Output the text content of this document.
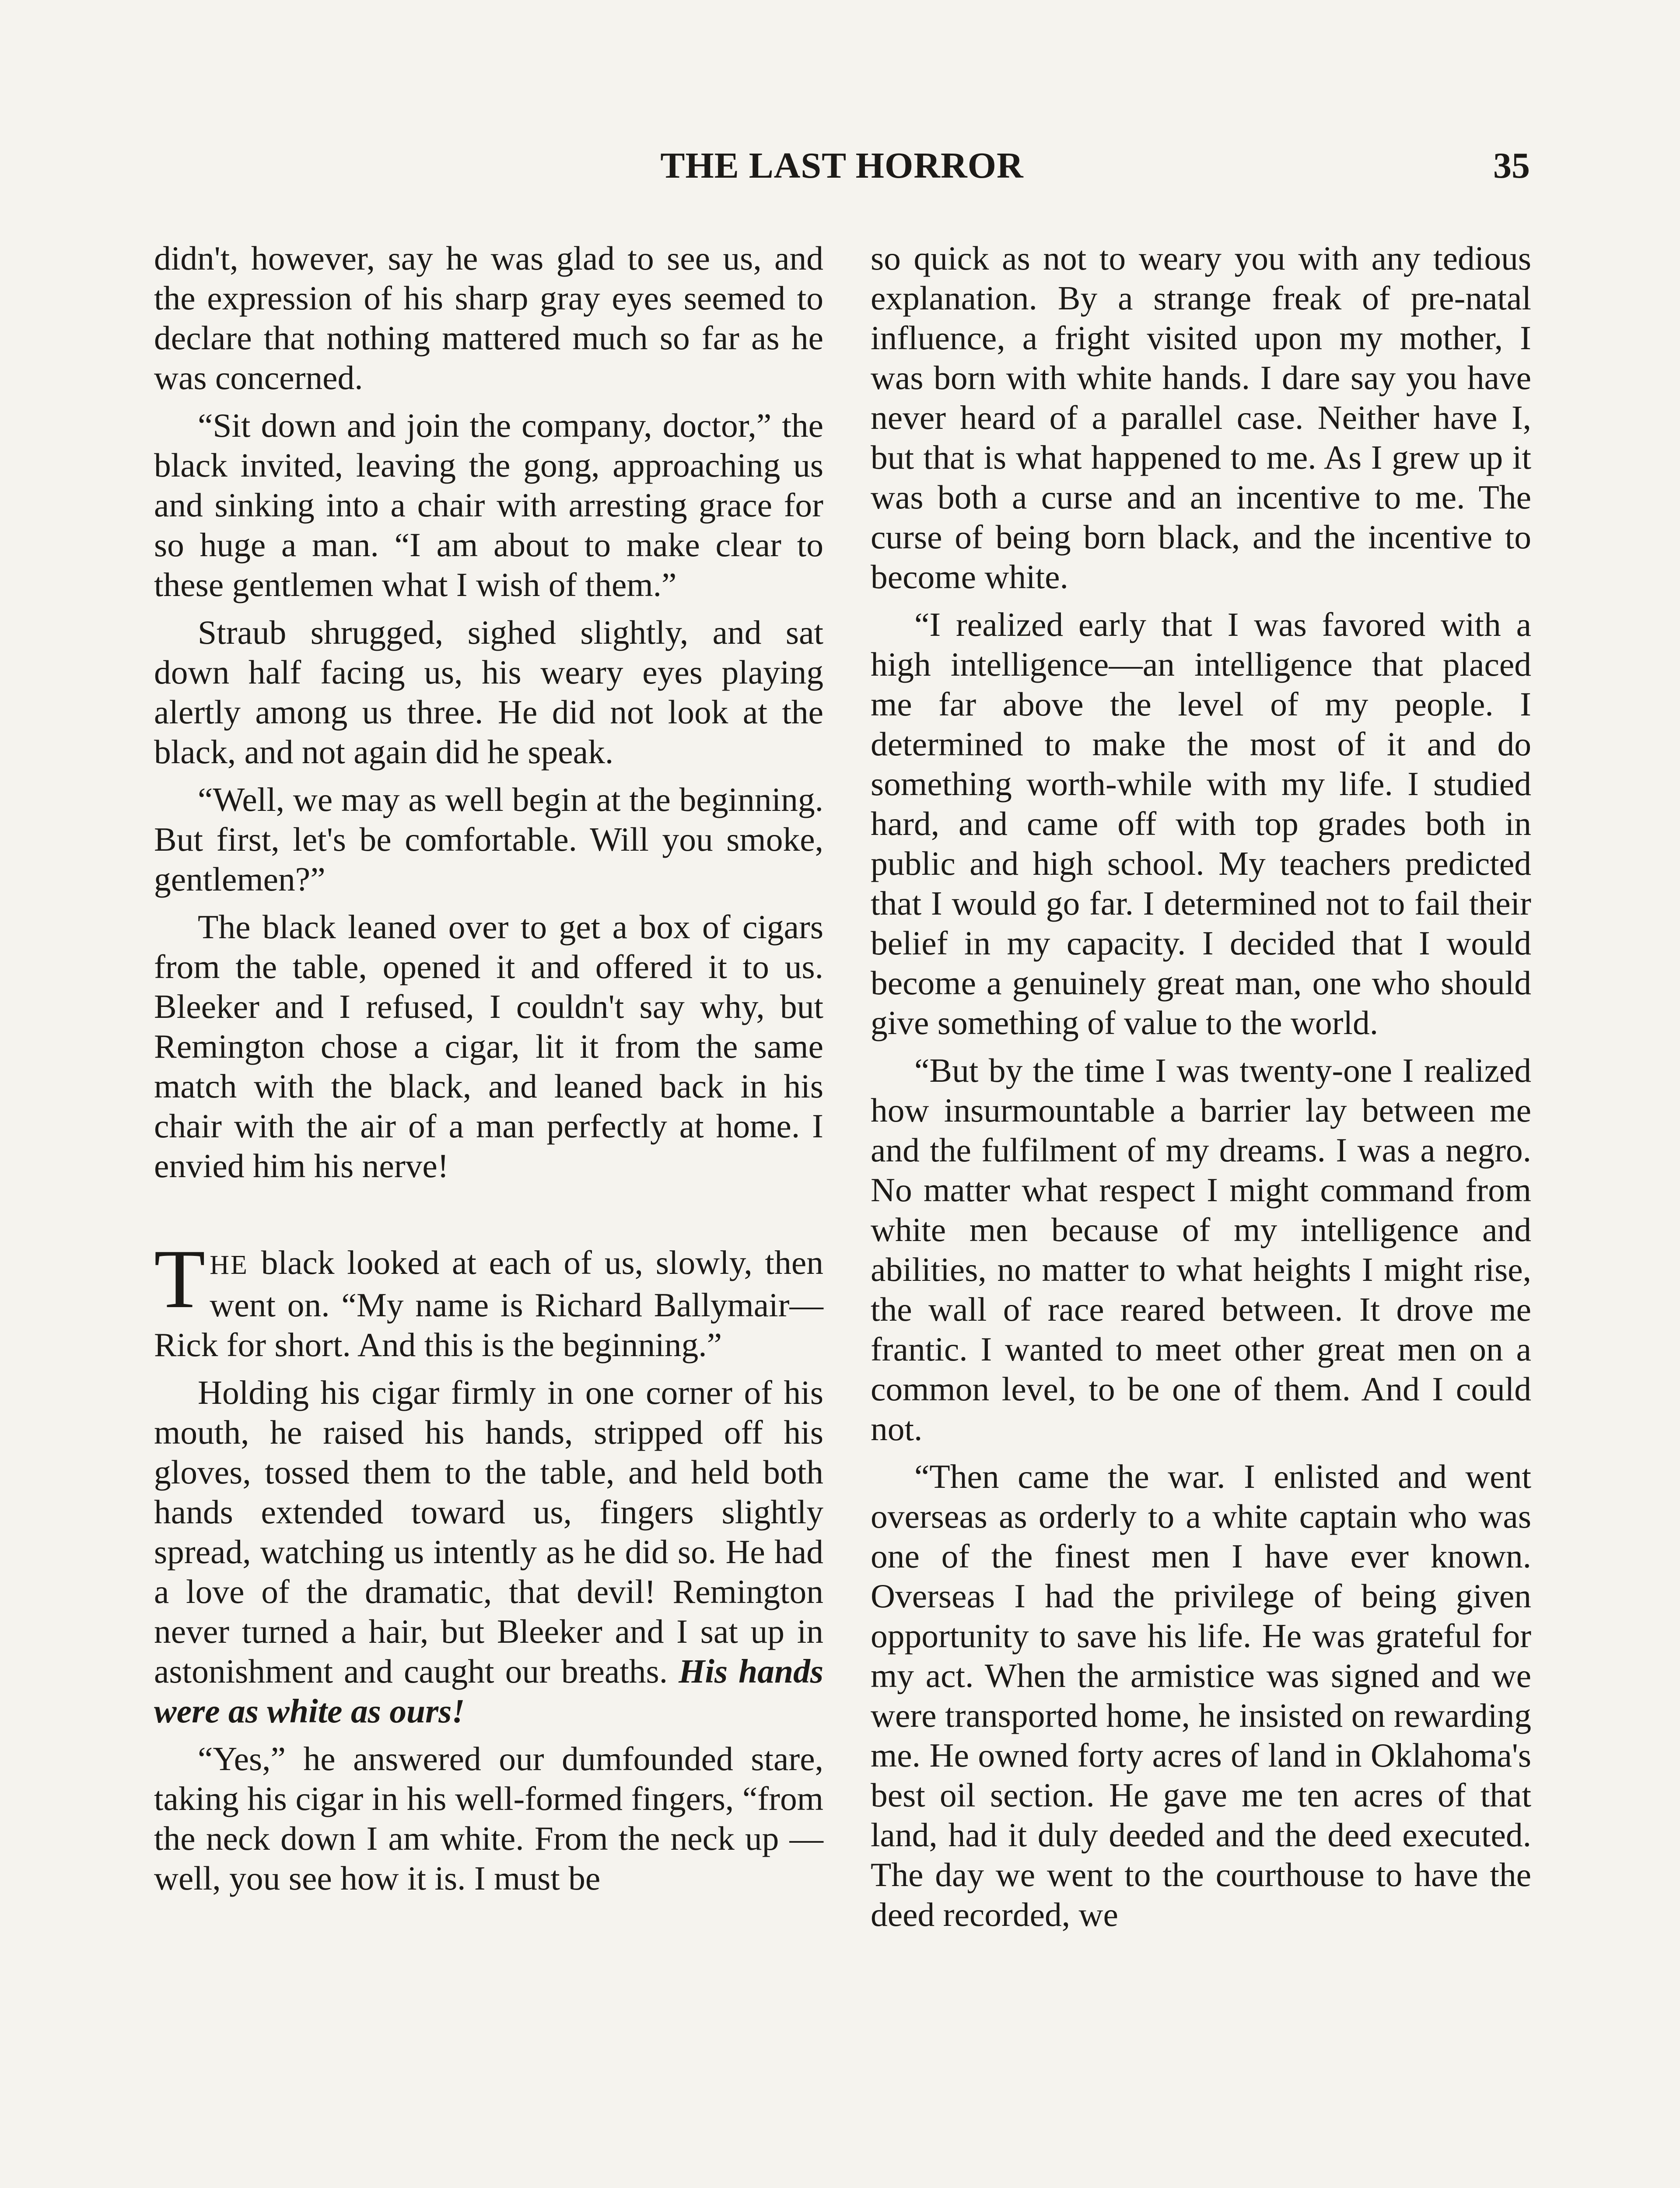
THE LAST HORROR	35

didn't, however, say he was glad to see us, and the expression of his sharp gray eyes seemed to declare that nothing mattered much so far as he was concerned.

“Sit down and join the company, doctor,” the black invited, leaving the gong, approaching us and sinking into a chair with arresting grace for so huge a man. “I am about to make clear to these gentlemen what I wish of them.”

Straub shrugged, sighed slightly, and sat down half facing us, his weary eyes playing alertly among us three. He did not look at the black, and not again did he speak.

“Well, we may as well begin at the beginning. But first, let's be comfortable. Will you smoke, gentlemen?”

The black leaned over to get a box of cigars from the table, opened it and offered it to us. Bleeker and I refused, I couldn't say why, but Remington chose a cigar, lit it from the same match with the black, and leaned back in his chair with the air of a man perfectly at home. I envied him his nerve!

THE black looked at each of us, slowly, then went on. “My name is Richard Ballymair—Rick for short. And this is the beginning.”

Holding his cigar firmly in one corner of his mouth, he raised his hands, stripped off his gloves, tossed them to the table, and held both hands extended toward us, fingers slightly spread, watching us intently as he did so. He had a love of the dramatic, that devil! Remington never turned a hair, but Bleeker and I sat up in astonishment and caught our breaths. His hands were as white as ours!

“Yes,” he answered our dumfounded stare, taking his cigar in his well-formed fingers, “from the neck down I am white. From the neck up —well, you see how it is. I must be

so quick as not to weary you with any tedious explanation. By a strange freak of pre-natal influence, a fright visited upon my mother, I was born with white hands. I dare say you have never heard of a parallel case. Neither have I, but that is what happened to me. As I grew up it was both a curse and an incentive to me. The curse of being born black, and the incentive to become white.

“I realized early that I was favored with a high intelligence—an intelligence that placed me far above the level of my people. I determined to make the most of it and do something worth-while with my life. I studied hard, and came off with top grades both in public and high school. My teachers predicted that I would go far. I determined not to fail their belief in my capacity. I decided that I would become a genuinely great man, one who should give something of value to the world.

“But by the time I was twenty-one I realized how insurmountable a barrier lay between me and the fulfilment of my dreams. I was a negro. No matter what respect I might command from white men because of my intelligence and abilities, no matter to what heights I might rise, the wall of race reared between. It drove me frantic. I wanted to meet other great men on a common level, to be one of them. And I could not.

“Then came the war. I enlisted and went overseas as orderly to a white captain who was one of the finest men I have ever known. Overseas I had the privilege of being given opportunity to save his life. He was grateful for my act. When the armistice was signed and we were transported home, he insisted on rewarding me. He owned forty acres of land in Oklahoma's best oil section. He gave me ten acres of that land, had it duly deeded and the deed executed. The day we went to the courthouse to have the deed recorded, we
